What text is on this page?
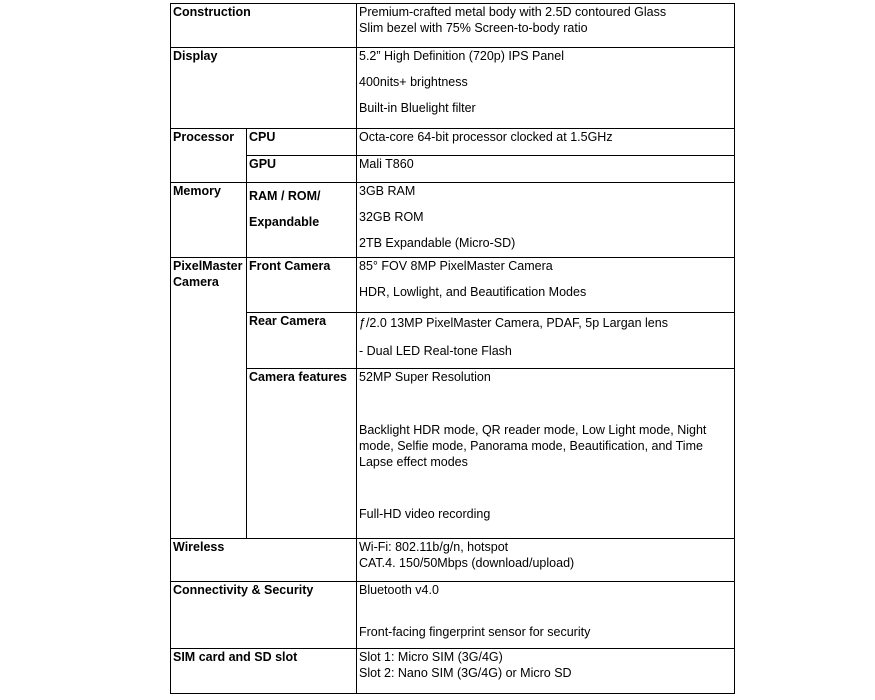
Construction		Premium-crafted metal body with 2.5D contoured Glass
Slim bezel with 75% Screen-to-body ratio

Display		5.2” High Definition (720p) IPS Panel
400nits+ brightness
Built-in Bluelight filter

Processor	CPU	Octa-core 64-bit processor clocked at 1.5GHz
	GPU	Mali T860
Memory	RAM / ROM/ Expandable	3GB RAM
32GB ROM
2TB Expandable (Micro-SD)

PixelMaster Camera	Front Camera	85° FOV 8MP PixelMaster Camera
HDR, Lowlight, and Beautification Modes

	Rear Camera	ƒ/2.0 13MP PixelMaster Camera, PDAF, 5p Largan lens
- Dual LED Real-tone Flash

	Camera features	52MP Super Resolution
Backlight HDR mode, QR reader mode, Low Light mode, Night mode, Selfie mode, Panorama mode, Beautification, and Time Lapse effect modes
Full-HD video recording

Wireless		Wi-Fi: 802.11b/g/n, hotspot
CAT.4. 150/50Mbps (download/upload)

Connectivity & Security		Bluetooth v4.0
Front-facing fingerprint sensor for security

SIM card and SD slot		Slot 1: Micro SIM (3G/4G)
Slot 2: Nano SIM (3G/4G) or Micro SD
